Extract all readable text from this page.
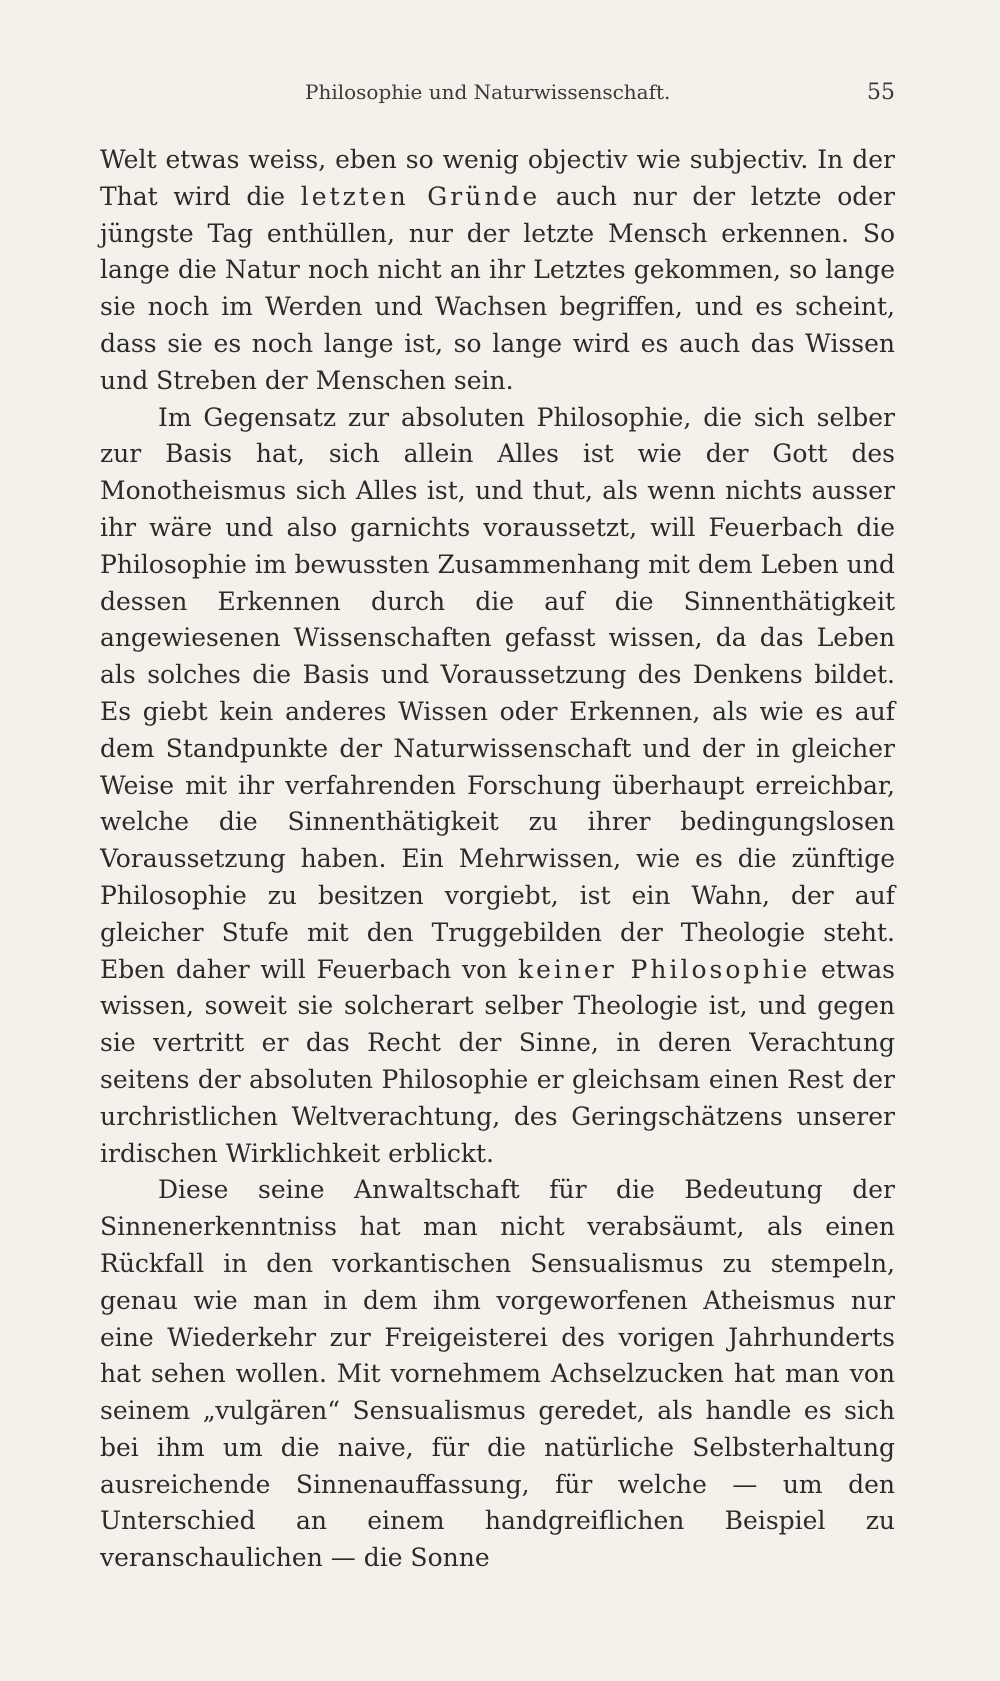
Philosophie und Naturwissenschaft.	55

Welt etwas weiss, eben so wenig objectiv wie subjectiv. In der That wird die letzten Gründe auch nur der letzte oder jüngste Tag enthüllen, nur der letzte Mensch erkennen. So lange die Natur noch nicht an ihr Letztes gekommen, so lange sie noch im Werden und Wachsen begriffen, und es scheint, dass sie es noch lange ist, so lange wird es auch das Wissen und Streben der Menschen sein.

Im Gegensatz zur absoluten Philosophie, die sich selber zur Basis hat, sich allein Alles ist wie der Gott des Monotheismus sich Alles ist, und thut, als wenn nichts ausser ihr wäre und also garnichts voraussetzt, will Feuerbach die Philosophie im bewussten Zusammenhang mit dem Leben und dessen Erkennen durch die auf die Sinnenthätigkeit angewiesenen Wissenschaften gefasst wissen, da das Leben als solches die Basis und Voraussetzung des Denkens bildet. Es giebt kein anderes Wissen oder Erkennen, als wie es auf dem Standpunkte der Naturwissenschaft und der in gleicher Weise mit ihr verfahrenden Forschung überhaupt erreichbar, welche die Sinnenthätigkeit zu ihrer bedingungslosen Voraussetzung haben. Ein Mehrwissen, wie es die zünftige Philosophie zu besitzen vorgiebt, ist ein Wahn, der auf gleicher Stufe mit den Truggebilden der Theologie steht. Eben daher will Feuerbach von keiner Philosophie etwas wissen, soweit sie solcherart selber Theologie ist, und gegen sie vertritt er das Recht der Sinne, in deren Verachtung seitens der absoluten Philosophie er gleichsam einen Rest der urchristlichen Weltverachtung, des Geringschätzens unserer irdischen Wirklichkeit erblickt.

Diese seine Anwaltschaft für die Bedeutung der Sinnenerkenntniss hat man nicht verabsäumt, als einen Rückfall in den vorkantischen Sensualismus zu stempeln, genau wie man in dem ihm vorgeworfenen Atheismus nur eine Wiederkehr zur Freigeisterei des vorigen Jahrhunderts hat sehen wollen. Mit vornehmem Achselzucken hat man von seinem „vulgären“ Sensualismus geredet, als handle es sich bei ihm um die naive, für die natürliche Selbsterhaltung ausreichende Sinnenauffassung, für welche — um den Unterschied an einem handgreiflichen Beispiel zu veranschaulichen — die Sonne
